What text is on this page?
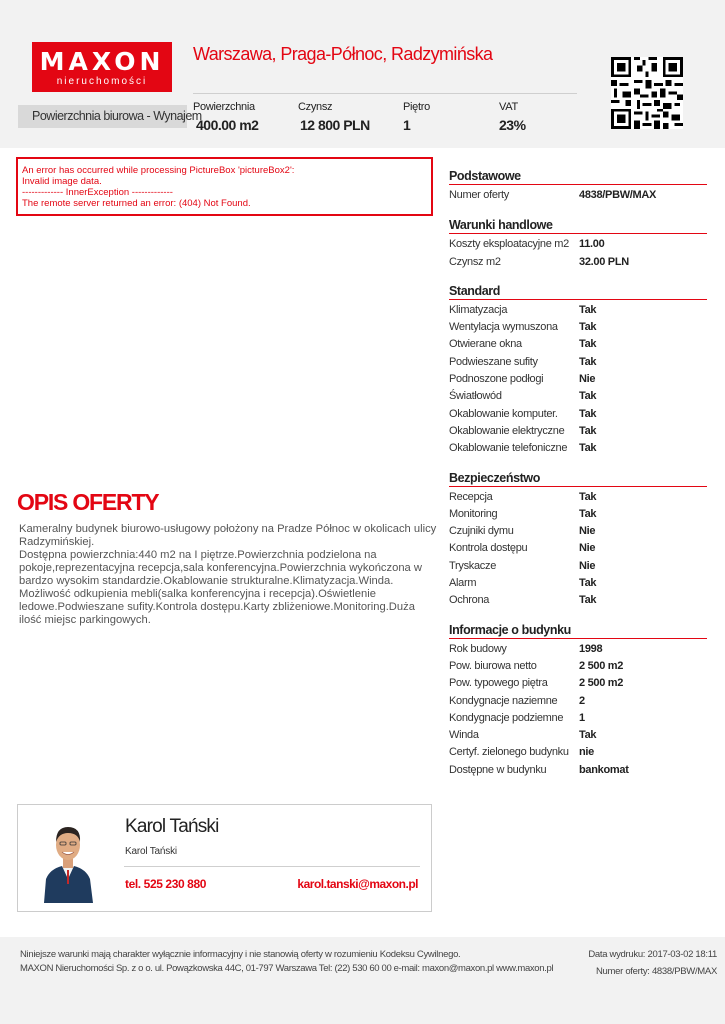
MAXON
nieruchomości
Warszawa, Praga-Północ, Radzymińska
Powierzchnia biurowa - Wynajem
Powierzchnia
400.00 m2
Czynsz
12 800 PLN
Piętro
1
VAT
23%
An error has occurred while processing PictureBox 'pictureBox2':
Invalid image data.
------------- InnerException -------------
The remote server returned an error: (404) Not Found.
OPIS OFERTY
Kameralny budynek biurowo-usługowy położony na Pradze Północ w okolicach ulicy Radzymińskiej.
Dostępna powierzchnia:440 m2 na I piętrze.Powierzchnia podzielona na pokoje,reprezentacyjna recepcja,sala konferencyjna.Powierzchnia wykończona w bardzo wysokim standardzie.Okablowanie strukturalne.Klimatyzacja.Winda. Możliwość odkupienia mebli(salka konferencyjna i recepcja).Oświetlenie ledowe.Podwieszane sufity.Kontrola dostępu.Karty zbliżeniowe.Monitoring.Duża ilość miejsc parkingowych.
Podstawowe
Numer oferty	4838/PBW/MAX
Warunki handlowe
Koszty eksploatacyjne m2 11.00
Czynsz m2	32.00 PLN
Standard
Klimatyzacja	Tak
Wentylacja wymuszona Tak
Otwierane okna	Tak
Podwieszane sufity	Tak
Podnoszone podłogi	Nie
Światłowód	Tak
Okablowanie komputer. Tak
Okablowanie elektryczne Tak
Okablowanie telefoniczne Tak
Bezpieczeństwo
Recepcja	Tak
Monitoring	Tak
Czujniki dymu	Nie
Kontrola dostępu	Nie
Tryskacze	Nie
Alarm	Tak
Ochrona	Tak
Informacje o budynku
Rok budowy	1998
Pow. biurowa netto	2 500 m2
Pow. typowego piętra	2 500 m2
Kondygnacje naziemne 2
Kondygnacje podziemne 1
Winda	Tak
Certyf. zielonego budynku nie
Dostępne w budynku	bankomat
Karol Tański
Karol Tański
tel. 525 230 880	karol.tanski@maxon.pl
Niniejsze warunki mają charakter wyłącznie informacyjny i nie stanowią oferty w rozumieniu Kodeksu Cywilnego.
MAXON Nieruchomości Sp. z o o. ul. Powązkowska 44C, 01-797 Warszawa Tel: (22) 530 60 00 e-mail: maxon@maxon.pl www.maxon.pl
Data wydruku: 2017-03-02 18:11
Numer oferty: 4838/PBW/MAX
